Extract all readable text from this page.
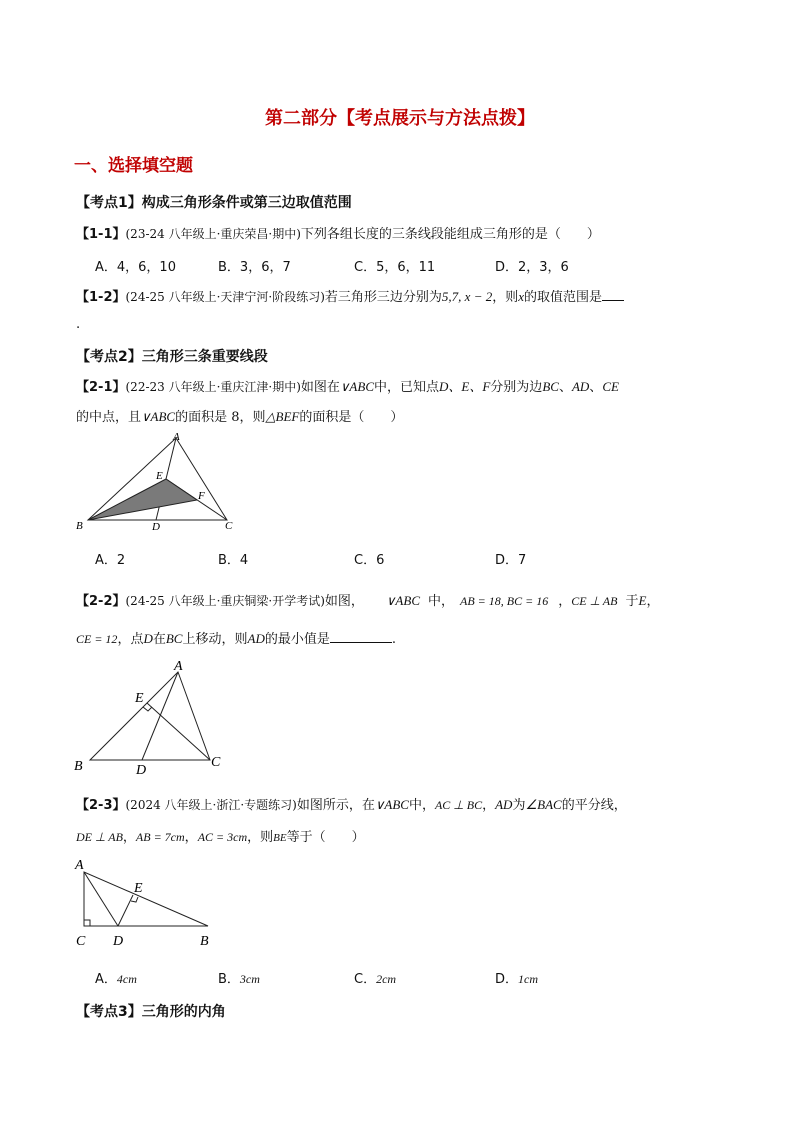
第二部分【考点展示与方法点拨】
一、选择填空题
【考点1】构成三角形条件或第三边取值范围
【1-1】(23-24 八年级上·重庆荣昌·期中)下列各组长度的三条线段能组成三角形的是（　　）
A．4，6，10	B．3，6，7	C．5，6，11	D．2，3，6
【1-2】(24-25 八年级上·天津宁河·阶段练习)若三角形三边分别为5,7, x − 2，则x的取值范围是
.
【考点2】三角形三条重要线段
【2-1】(22-23 八年级上·重庆江津·期中)如图在∨ABC中，已知点D、E、F分别为边BC、AD、CE
的中点，且∨ABC的面积是 8，则△BEF的面积是（　　）
A
B	C
D
E
F
A．2	B．4	C．6	D．7
【2-2】(24-25 八年级上·重庆铜梁·开学考试)如图， ∨ABC 中， AB = 18, BC = 16 ，CE ⊥ AB 于E，
CE = 12，点D在BC上移动，则AD的最小值是	.
A
B	C
D
E
【2-3】(2024 八年级上·浙江·专题练习)如图所示，在∨ABC中，AC ⊥ BC，AD为∠BAC的平分线，
DE ⊥ AB，AB = 7cm，AC = 3cm，则BE等于（　　）
A
C D	B
E
A．4cm	B．3cm	C．2cm	D．1cm
【考点3】三角形的内角
